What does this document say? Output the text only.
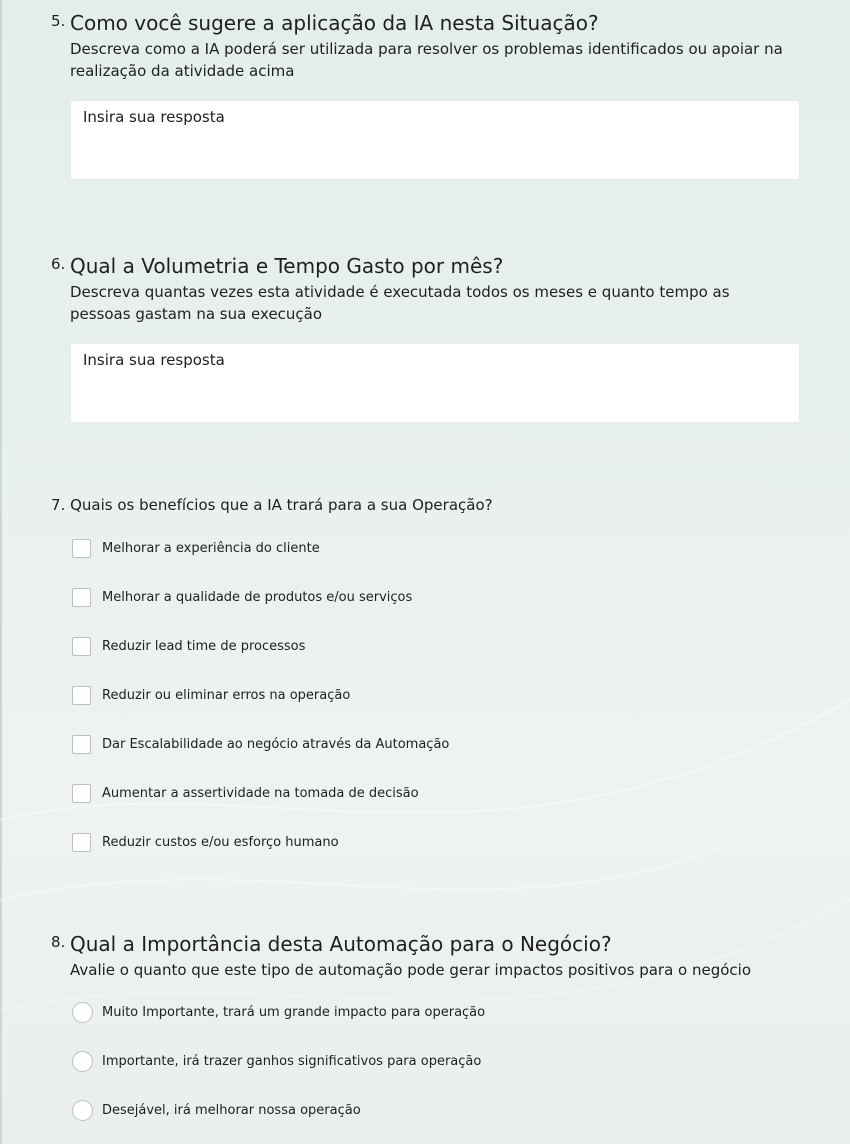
5. Como você sugere a aplicação da IA nesta Situação?
Descreva como a IA poderá ser utilizada para resolver os problemas identificados ou apoiar na realização da atividade acima
Insira sua resposta
6. Qual a Volumetria e Tempo Gasto por mês?
Descreva quantas vezes esta atividade é executada todos os meses e quanto tempo as pessoas gastam na sua execução
Insira sua resposta
7. Quais os benefícios que a IA trará para a sua Operação?
Melhorar a experiência do cliente
Melhorar a qualidade de produtos e/ou serviços
Reduzir lead time de processos
Reduzir ou eliminar erros na operação
Dar Escalabilidade ao negócio através da Automação
Aumentar a assertividade na tomada de decisão
Reduzir custos e/ou esforço humano
8. Qual a Importância desta Automação para o Negócio?
Avalie o quanto que este tipo de automação pode gerar impactos positivos para o negócio
Muito Importante, trará um grande impacto para operação
Importante, irá trazer ganhos significativos para operação
Desejável, irá melhorar nossa operação
